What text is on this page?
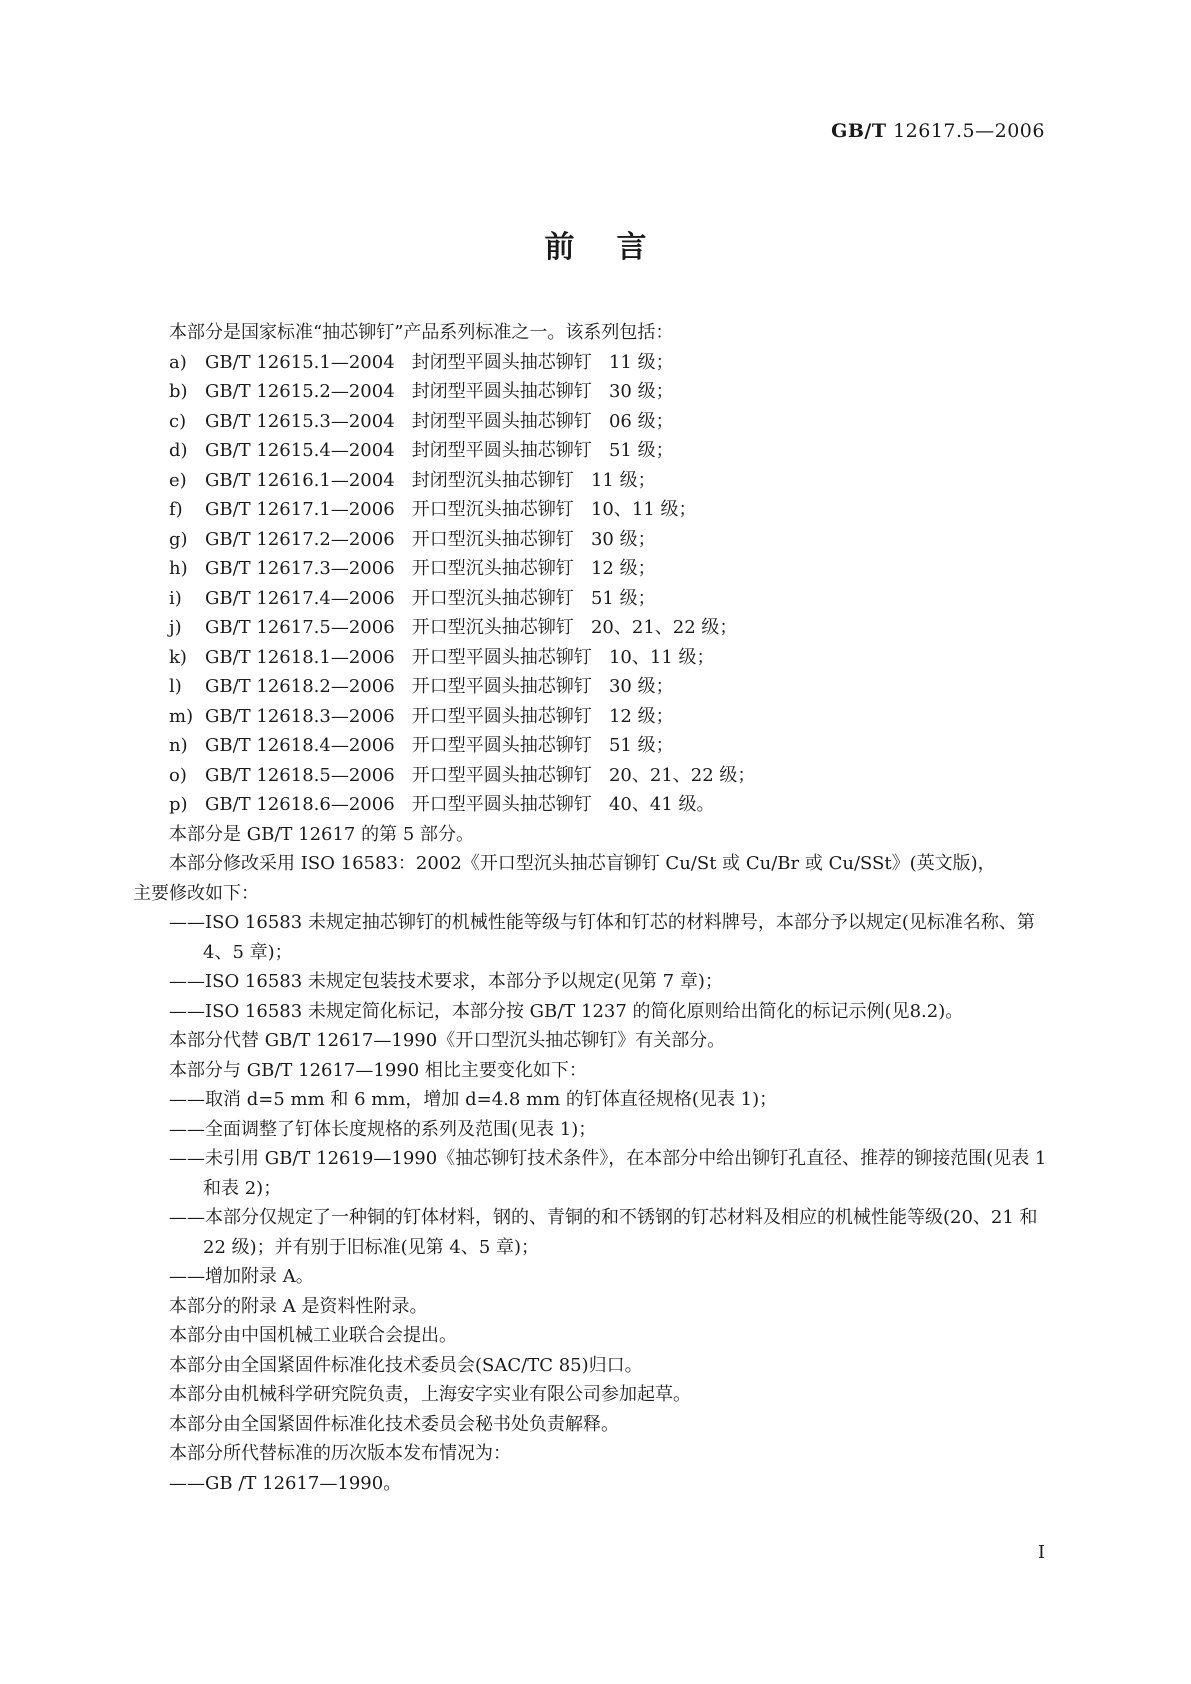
GB/T 12617.5—2006
前言

本部分是国家标准“抽芯铆钉”产品系列标准之一。该系列包括：

a) GB/T 12615.1—2004   封闭型平圆头抽芯铆钉   11 级；

b) GB/T 12615.2—2004   封闭型平圆头抽芯铆钉   30 级；

c) GB/T 12615.3—2004   封闭型平圆头抽芯铆钉   06 级；

d) GB/T 12615.4—2004   封闭型平圆头抽芯铆钉   51 级；

e) GB/T 12616.1—2004   封闭型沉头抽芯铆钉   11 级；

f) GB/T 12617.1—2006   开口型沉头抽芯铆钉   10、11 级；

g) GB/T 12617.2—2006   开口型沉头抽芯铆钉   30 级；

h) GB/T 12617.3—2006   开口型沉头抽芯铆钉   12 级；

i) GB/T 12617.4—2006   开口型沉头抽芯铆钉   51 级；

j) GB/T 12617.5—2006   开口型沉头抽芯铆钉   20、21、22 级；

k) GB/T 12618.1—2006   开口型平圆头抽芯铆钉   10、11 级；

l) GB/T 12618.2—2006   开口型平圆头抽芯铆钉   30 级；

m) GB/T 12618.3—2006   开口型平圆头抽芯铆钉   12 级；

n) GB/T 12618.4—2006   开口型平圆头抽芯铆钉   51 级；

o) GB/T 12618.5—2006   开口型平圆头抽芯铆钉   20、21、22 级；

p) GB/T 12618.6—2006   开口型平圆头抽芯铆钉   40、41 级。

本部分是 GB/T 12617 的第 5 部分。

本部分修改采用 ISO 16583：2002《开口型沉头抽芯盲铆钉 Cu/St 或 Cu/Br 或 Cu/SSt》(英文版)，

主要修改如下：

——ISO 16583 未规定抽芯铆钉的机械性能等级与钉体和钉芯的材料牌号，本部分予以规定(见标准名称、第 4、5 章)；

——ISO 16583 未规定包装技术要求，本部分予以规定(见第 7 章)；

——ISO 16583 未规定简化标记，本部分按 GB/T 1237 的简化原则给出简化的标记示例(见8.2)。

本部分代替 GB/T 12617—1990《开口型沉头抽芯铆钉》有关部分。

本部分与 GB/T 12617—1990 相比主要变化如下：

——取消 d=5 mm 和 6 mm，增加 d=4.8 mm 的钉体直径规格(见表 1)；

——全面调整了钉体长度规格的系列及范围(见表 1)；

——未引用 GB/T 12619—1990《抽芯铆钉技术条件》，在本部分中给出铆钉孔直径、推荐的铆接范围(见表 1 和表 2)；

——本部分仅规定了一种铜的钉体材料，钢的、青铜的和不锈钢的钉芯材料及相应的机械性能等级(20、21 和 22 级)；并有别于旧标准(见第 4、5 章)；

——增加附录 A。

本部分的附录 A 是资料性附录。

本部分由中国机械工业联合会提出。

本部分由全国紧固件标准化技术委员会(SAC/TC 85)归口。

本部分由机械科学研究院负责，上海安字实业有限公司参加起草。

本部分由全国紧固件标准化技术委员会秘书处负责解释。

本部分所代替标准的历次版本发布情况为：

——GB /T 12617—1990。

I
